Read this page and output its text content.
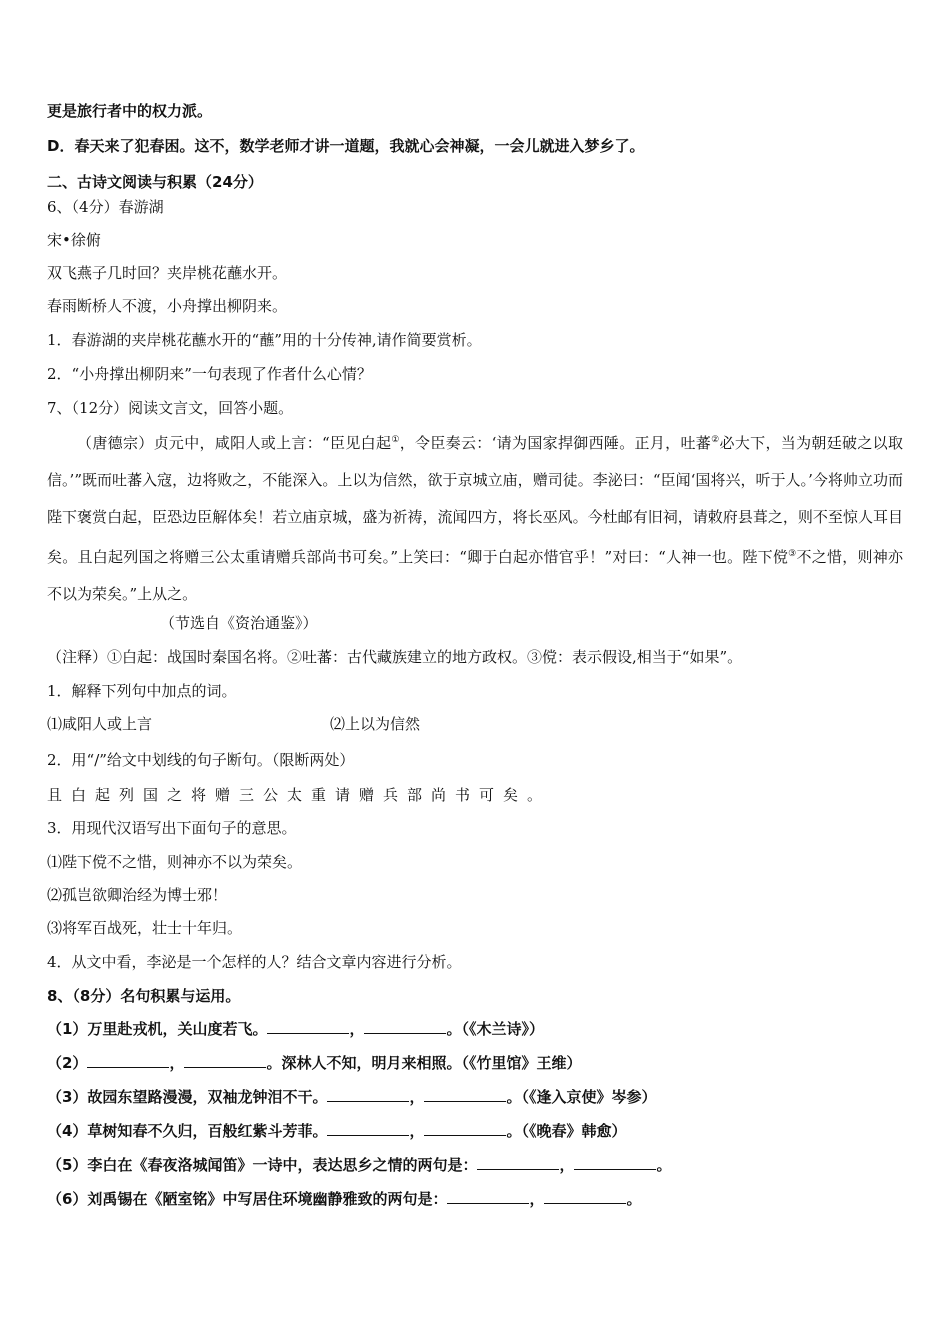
更是旅行者中的权力派。
D．春天来了犯春困。这不，数学老师才讲一道题，我就心会神凝，一会儿就进入梦乡了。
二、古诗文阅读与积累（24分）
6、（4分）春游湖
宋•徐俯
双飞燕子几时回？夹岸桃花蘸水开。
春雨断桥人不渡，小舟撑出柳阴来。
1．春游湖的夹岸桃花蘸水开的“蘸”用的十分传神,请作简要赏析。
2．“小舟撑出柳阴来”一句表现了作者什么心情？
7、（12分）阅读文言文，回答小题。
（唐德宗）贞元中，咸阳人或上言：“臣见白起①，令臣奏云：‘请为国家捍御西陲。正月，吐蕃②必大下，当为朝廷破之以取信。’”既而吐蕃入寇，边将败之，不能深入。上以为信然，欲于京城立庙，赠司徒。李泌曰：“臣闻‘国将兴，听于人。’今将帅立功而陛下褒赏白起，臣恐边臣解体矣！若立庙京城，盛为祈祷，流闻四方，将长巫风。今杜邮有旧祠，请敕府县葺之，则不至惊人耳目矣。且白起列国之将赠三公太重请赠兵部尚书可矣。”上笑曰：“卿于白起亦惜官乎！”对曰：“人神一也。陛下傥③不之惜，则神亦不以为荣矣。”上从之。
（节选自《资治通鉴》）
（注释）①白起：战国时秦国名将。②吐蕃：古代藏族建立的地方政权。③傥：表示假设,相当于“如果”。
1．解释下列句中加点的词。
⑴咸阳人或上言	⑵上以为信然
2．用“/”给文中划线的句子断句。（限断两处）
且白起列国之将赠三公太重请赠兵部尚书可矣。
3．用现代汉语写出下面句子的意思。
⑴陛下傥不之惜，则神亦不以为荣矣。
⑵孤岂欲卿治经为博士邪！
⑶将军百战死，壮士十年归。
4．从文中看，李泌是一个怎样的人？结合文章内容进行分析。
8、（8分）名句积累与运用。
（1）万里赴戎机，关山度若飞。	，	。（《木兰诗》）
（2）	，	。深林人不知，明月来相照。（《竹里馆》王维）
（3）故园东望路漫漫，双袖龙钟泪不干。	，	。（《逢入京使》岑参）
（4）草树知春不久归，百般红紫斗芳菲。	，	。（《晚春》韩愈）
（5）李白在《春夜洛城闻笛》一诗中，表达思乡之情的两句是：	，	。
（6）刘禹锡在《陋室铭》中写居住环境幽静雅致的两句是：	，	。
